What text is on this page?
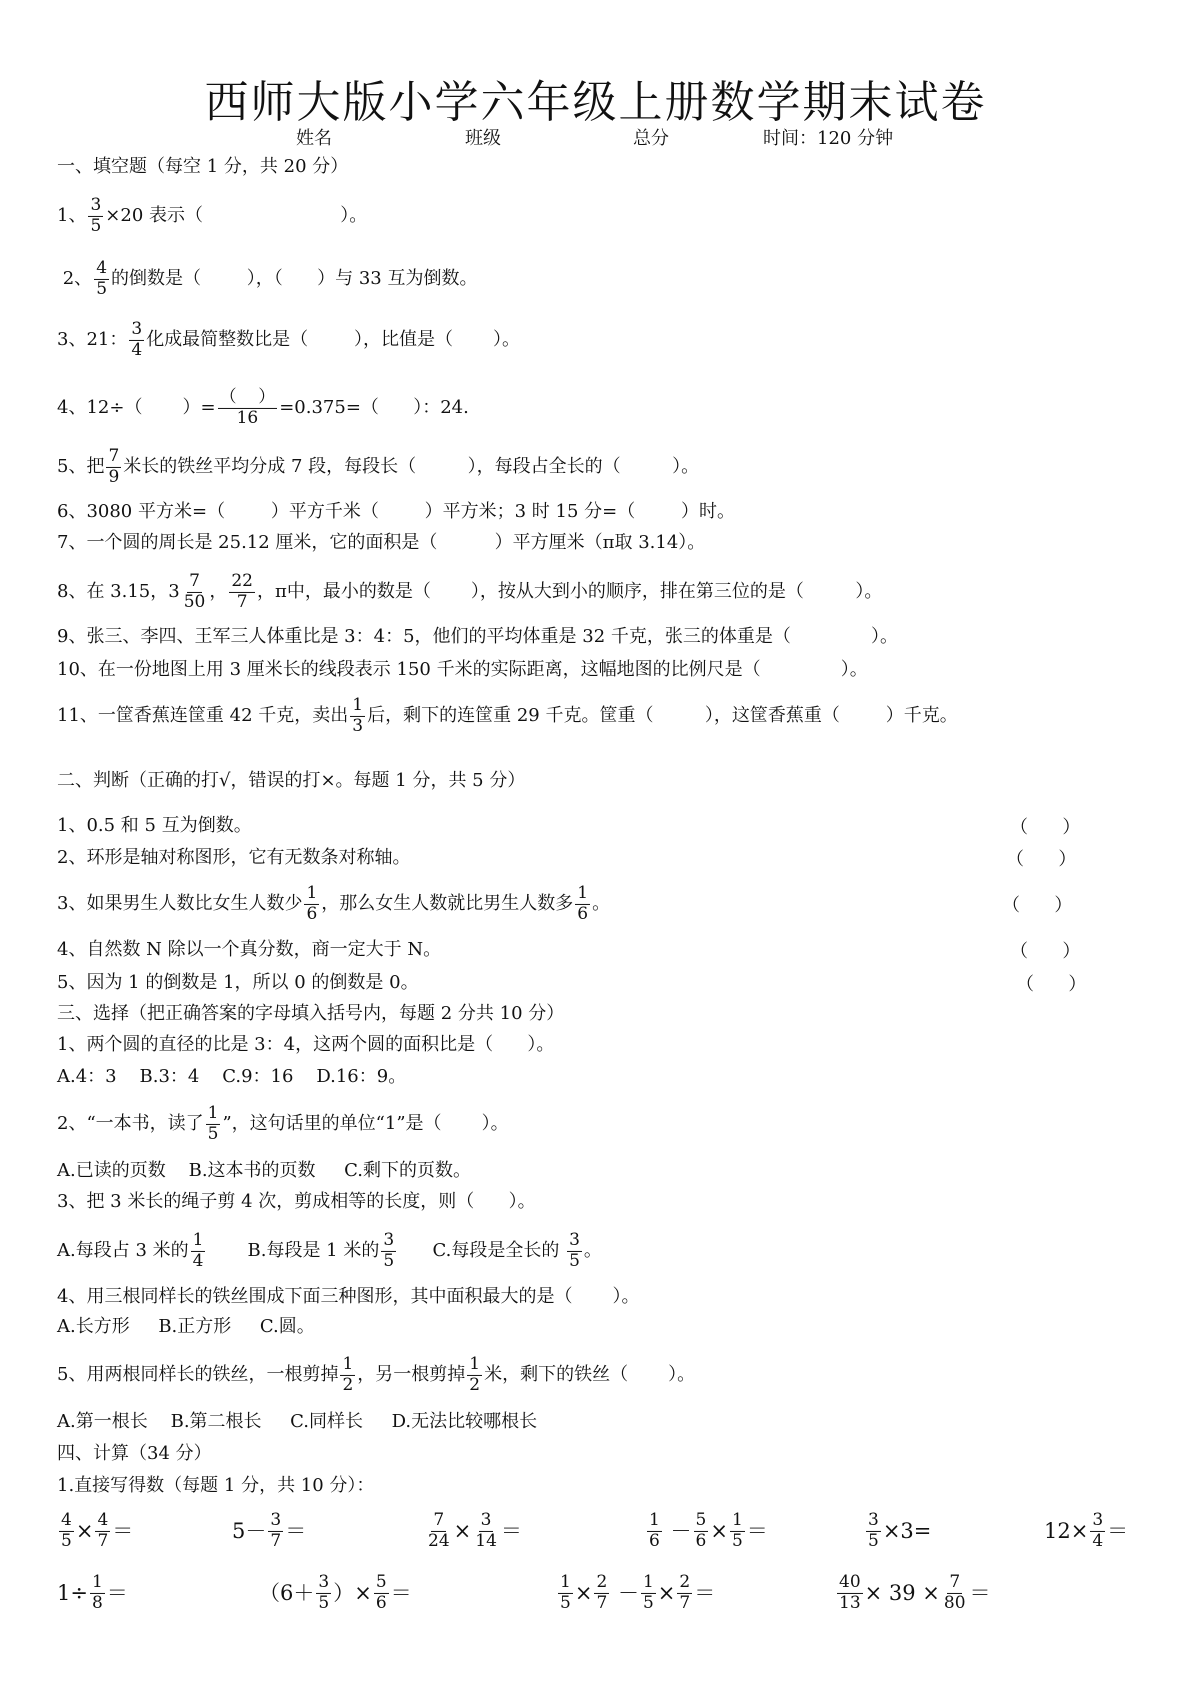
西师大版小学六年级上册数学期末试卷
姓名	班级	总分	时间：120 分钟
一、填空题（每空 1 分，共 20 分）
1、 $\frac{3}{5} \times 20$ 表示（                        ）。
2、 $\frac{4}{5}$ 的倒数是（        ），（      ）与 33 互为倒数。
3、21： $\frac{3}{4}$ 化成最简整数比是（        ），比值是（       ）。
4、12÷（       ）= $\frac{( )}{16} =0.375=$（      ）：24.
5、把 $\frac{7}{9}$ 米长的铁丝平均分成 7 段，每段长（         ），每段占全长的（         ）。
6、3080 平方米=（        ）平方千米（        ）平方米；3 时 15 分=（        ）时。
7、一个圆的周长是 25.12 厘米，它的面积是（          ）平方厘米（π取 3.14）。
8、在 3.15，$3 \frac{7}{50}$ ， $\frac{22}{7}$ ，π中，最小的数是（       ），按从大到小的顺序，排在第三位的是（         ）。
9、张三、李四、王军三人体重比是 3：4：5，他们的平均体重是 32 千克，张三的体重是（              ）。
10、在一份地图上用 3 厘米长的线段表示 150 千米的实际距离，这幅地图的比例尺是（              ）。
11、一筐香蕉连筐重 42 千克，卖出 $\frac{1}{3}$ 后，剩下的连筐重 29 千克。筐重（         ），这筐香蕉重（        ）千克。
二、判断（正确的打√，错误的打×。每题 1 分，共 5 分）
1、0.5 和 5 互为倒数。	（      ）
2、环形是轴对称图形，它有无数条对称轴。	（      ）
3、如果男生人数比女生人数少 $\frac{1}{6}$ ，那么女生人数就比男生人数多 $\frac{1}{6}$ 。	（      ）
4、自然数 N 除以一个真分数，商一定大于 N。	（      ）
5、因为 1 的倒数是 1，所以 0 的倒数是 0。	（      ）
三、选择（把正确答案的字母填入括号内，每题 2 分共 10 分）
1、两个圆的直径的比是 3：4，这两个圆的面积比是（      ）。
A.4：3    B.3：4    C.9：16    D.16：9。
2、“一本书，读了 $\frac{1}{5}$ ”，这句话里的单位“1”是（       ）。
A.已读的页数    B.这本书的页数     C.剩下的页数。
3、把 3 米长的绳子剪 4 次，剪成相等的长度，则（      ）。
A.每段占 3 米的 $\frac{1}{4} B$.每段是 1 米的 $\frac{3}{5} C$.每段是全长的 $\frac{3}{5}$ 。
4、用三根同样长的铁丝围成下面三种图形，其中面积最大的是（       ）。
A.长方形     B.正方形     C.圆。
5、用两根同样长的铁丝，一根剪掉 $\frac{1}{2}$ ，另一根剪掉 $\frac{1}{2}$ 米，剩下的铁丝（       ）。
A.第一根长    B.第二根长     C.同样长     D.无法比较哪根长
四、计算（34 分）
1.直接写得数（每题 1 分，共 10 分）：
$\frac{4}{5} \times \frac{4}{7}$ ＝	$5- \frac{3}{7}$ ＝	$\frac{7}{24} \times \frac{3}{14}$ ＝	$\frac{1}{6} - \frac{5}{6} \times \frac{1}{5}$ ＝	$\frac{3}{5} \times 3=$	$12\times \frac{3}{4}$ ＝
$1\div \frac{1}{8}$ ＝	（$6+ \frac{3}{5}$ ）× $\frac{5}{6}$ ＝	$\frac{1}{5} \times \frac{2}{7} - \frac{1}{5} \times \frac{2}{7}$ ＝	$\frac{40}{13} \times 39 \times \frac{7}{80}$ ＝
